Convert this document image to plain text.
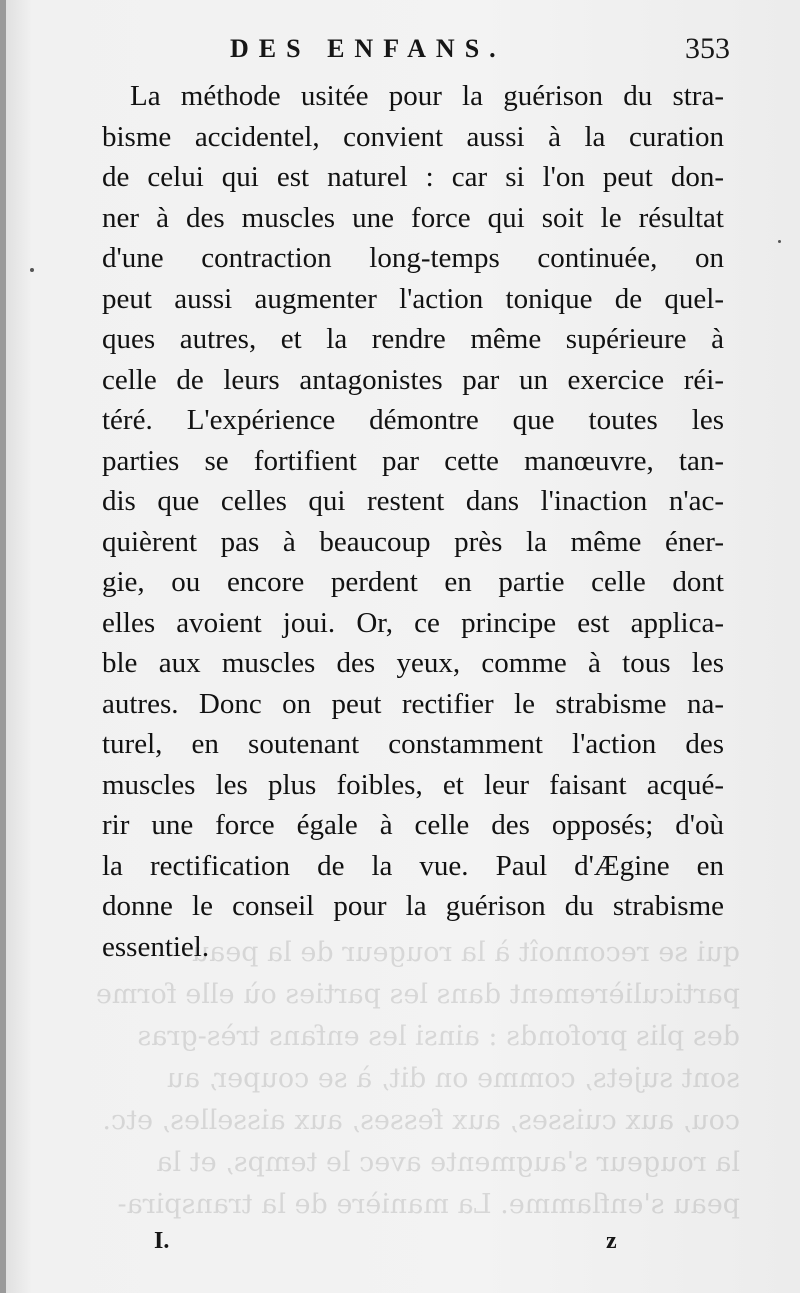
qui se reconnoît à la rougeur de la peau
particulièrement dans les parties où elle forme
des plis profonds : ainsi les enfans très-gras
sont sujets, comme on dit, à se couper, au
cou, aux cuisses, aux fesses, aux aisselles, etc.
la rougeur s'augmente avec le temps, et la
peau s'enflamme. La manière de la transpira-
DES ENFANS.	353
La méthode usitée pour la guérison du stra-
bisme accidentel, convient aussi à la curation
de celui qui est naturel : car si l'on peut don-
ner à des muscles une force qui soit le résultat
d'une contraction long-temps continuée, on
peut aussi augmenter l'action tonique de quel-
ques autres, et la rendre même supérieure à
celle de leurs antagonistes par un exercice réi-
téré. L'expérience démontre que toutes les
parties se fortifient par cette manœuvre, tan-
dis que celles qui restent dans l'inaction n'ac-
quièrent pas à beaucoup près la même éner-
gie, ou encore perdent en partie celle dont
elles avoient joui. Or, ce principe est applica-
ble aux muscles des yeux, comme à tous les
autres. Donc on peut rectifier le strabisme na-
turel, en soutenant constamment l'action des
muscles les plus foibles, et leur faisant acqué-
rir une force égale à celle des opposés; d'où
la rectification de la vue. Paul d'Ægine en
donne le conseil pour la guérison du strabisme
essentiel.
I.	z
